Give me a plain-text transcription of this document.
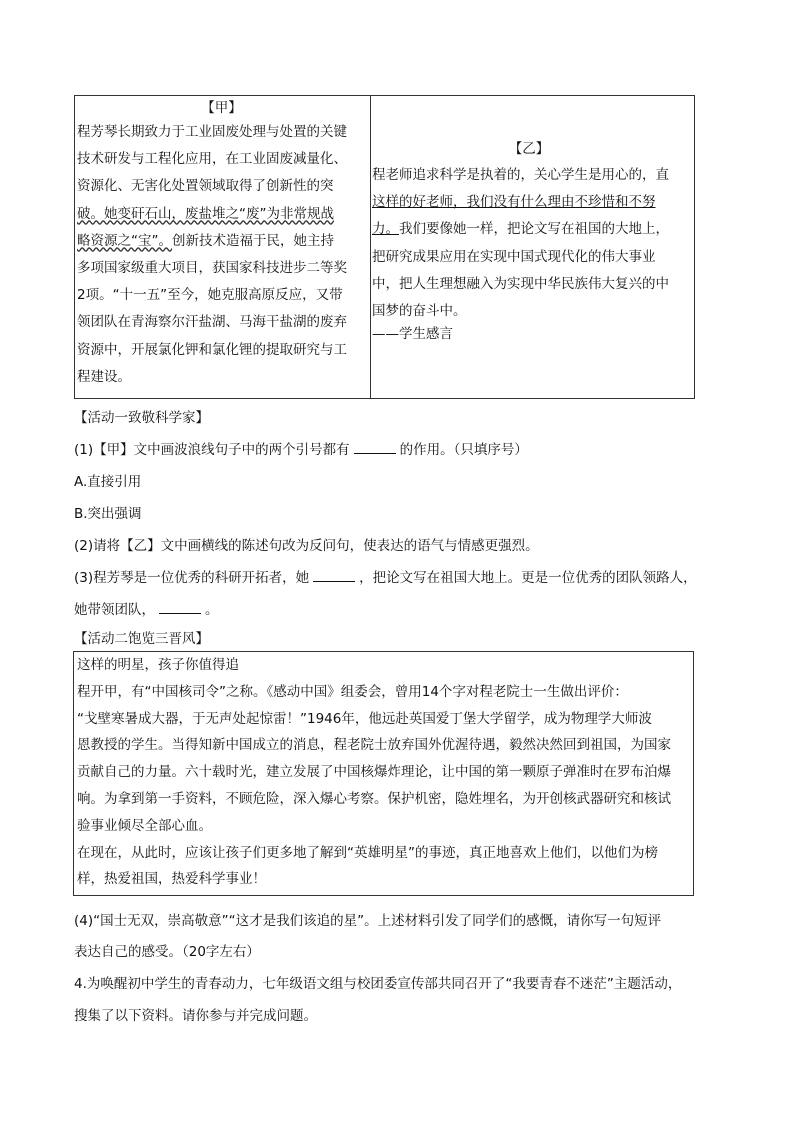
【甲】
程芳琴长期致力于工业固废处理与处置的关键
技术研发与工程化应用，在工业固废减量化、
资源化、无害化处置领域取得了创新性的突
破。她变矸石山，废盐堆之“废”为非常规战
略资源之“宝”。创新技术造福于民，她主持
多项国家级重大项目，获国家科技进步二等奖
2项。“十一五”至今，她克服高原反应，又带
领团队在青海察尔汗盐湖、马海干盐湖的废弃
资源中，开展氯化钾和氯化锂的提取研究与工
程建设。

【乙】
程老师追求科学是执着的，关心学生是用心的，直
这样的好老师，我们没有什么理由不珍惜和不努
力。我们要像她一样，把论文写在祖国的大地上，
把研究成果应用在实现中国式现代化的伟大事业
中，把人生理想融入为实现中华民族伟大复兴的中
国梦的奋斗中。
——学生感言
【活动一致敬科学家】
(1)【甲】文中画波浪线句子中的两个引号都有	的作用。（只填序号）
A.直接引用
B.突出强调
(2)请将【乙】文中画横线的陈述句改为反问句，使表达的语气与情感更强烈。
(3)程芳琴是一位优秀的科研开拓者，她	，把论文写在祖国大地上。更是一位优秀的团队领路人，
她带领团队，	。
【活动二饱览三晋风】

这样的明星，孩子你值得追

程开甲，有“中国核司令”之称。《感动中国》组委会，曾用14个字对程老院士一生做出评价：

“戈壁寒暑成大器，于无声处起惊雷！”1946年，他远赴英国爱丁堡大学留学，成为物理学大师波

恩教授的学生。当得知新中国成立的消息，程老院士放弃国外优渥待遇，毅然决然回到祖国，为国家

贡献自己的力量。六十载时光，建立发展了中国核爆炸理论，让中国的第一颗原子弹准时在罗布泊爆

响。为拿到第一手资料，不顾危险，深入爆心考察。保护机密，隐姓埋名，为开创核武器研究和核试

验事业倾尽全部心血。

在现在，从此时，应该让孩子们更多地了解到“英雄明星”的事迹，真正地喜欢上他们，以他们为榜

样，热爱祖国，热爱科学事业！

(4)“国士无双，崇高敬意”“这才是我们该追的星”。上述材料引发了同学们的感慨，请你写一句短评
表达自己的感受。（20字左右）
4.为唤醒初中学生的青春动力，七年级语文组与校团委宣传部共同召开了“我要青春不迷茫”主题活动，
搜集了以下资料。请你参与并完成问题。
